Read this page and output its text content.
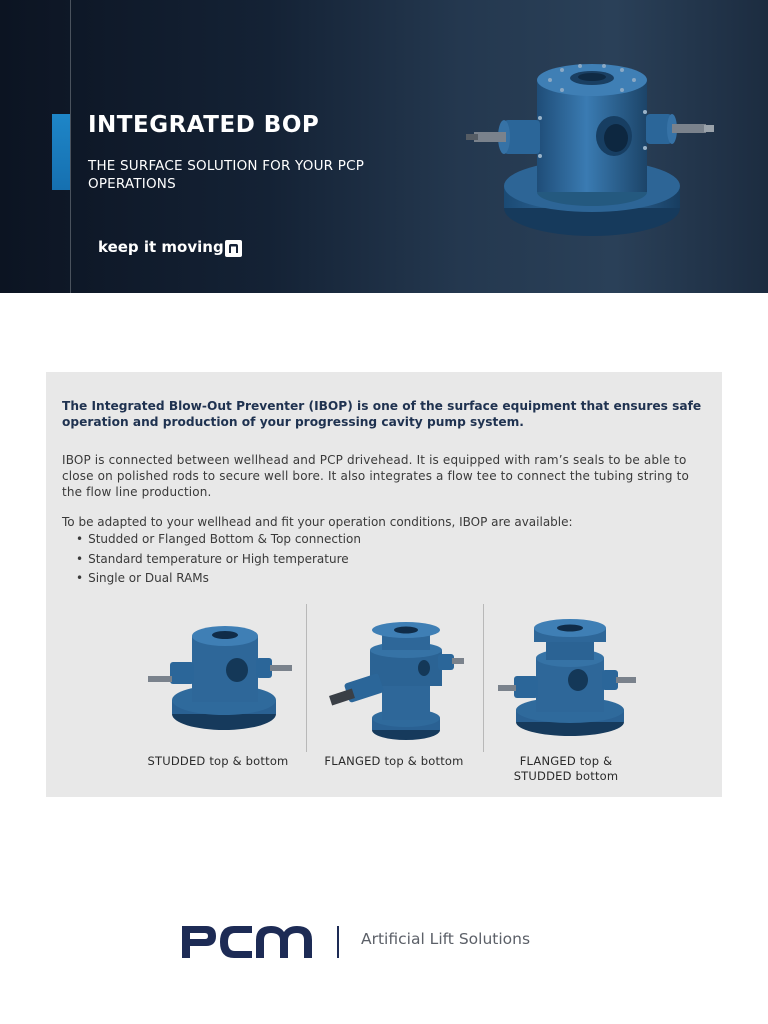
INTEGRATED BOP
THE SURFACE SOLUTION FOR YOUR PCP OPERATIONS
keep it moving

The Integrated Blow-Out Preventer (IBOP) is one of the surface equipment that ensures safe operation and production of your progressing cavity pump system.

IBOP is connected between wellhead and PCP drivehead. It is equipped with ram’s seals to be able to close on polished rods to secure well bore. It also integrates a flow tee to connect the tubing string to the flow line production.

To be adapted to your wellhead and fit your operation conditions, IBOP are available:

• Studded or Flanged Bottom & Top connection
• Standard temperature or High temperature
• Single or Dual RAMs
STUDDED top & bottom	FLANGED top & bottom	FLANGED top &
STUDDED bottom
Artificial Lift Solutions
